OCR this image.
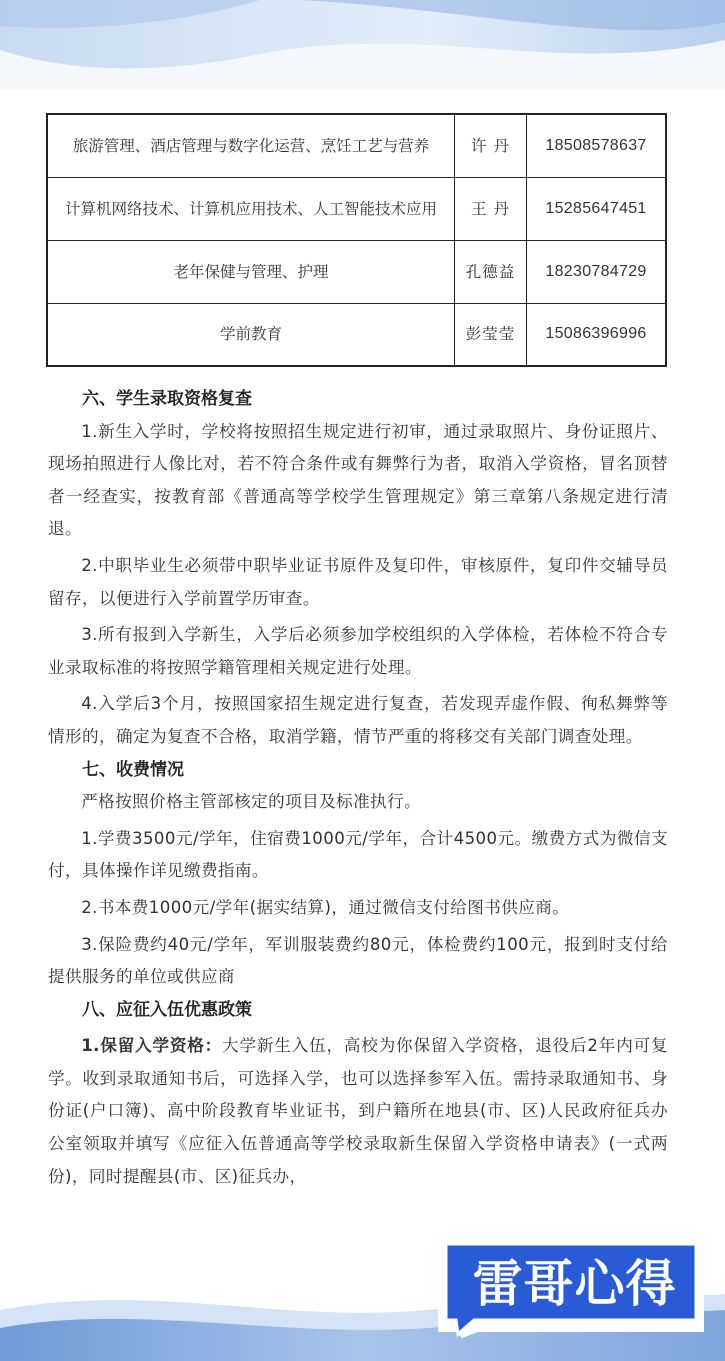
旅游管理、酒店管理与数字化运营、烹饪工艺与营养	许 丹	18508578637
计算机网络技术、计算机应用技术、人工智能技术应用	王 丹	15285647451
老年保健与管理、护理	孔德益	18230784729
学前教育	彭莹莹	15086396996
六、学生录取资格复查

1.新生入学时，学校将按照招生规定进行初审，通过录取照片、身份证照片、现场拍照进行人像比对，若不符合条件或有舞弊行为者，取消入学资格，冒名顶替者一经查实，按教育部《普通高等学校学生管理规定》第三章第八条规定进行清退。

2.中职毕业生必须带中职毕业证书原件及复印件，审核原件，复印件交辅导员留存，以便进行入学前置学历审查。

3.所有报到入学新生，入学后必须参加学校组织的入学体检，若体检不符合专业录取标准的将按照学籍管理相关规定进行处理。

4.入学后3个月，按照国家招生规定进行复查，若发现弄虚作假、徇私舞弊等情形的，确定为复查不合格，取消学籍，情节严重的将移交有关部门调查处理。

七、收费情况

严格按照价格主管部核定的项目及标准执行。

1.学费3500元/学年，住宿费1000元/学年，合计4500元。缴费方式为微信支付，具体操作详见缴费指南。

2.书本费1000元/学年(据实结算)，通过微信支付给图书供应商。

3.保险费约40元/学年，军训服装费约80元，体检费约100元，报到时支付给提供服务的单位或供应商

八、应征入伍优惠政策

1.保留入学资格：大学新生入伍，高校为你保留入学资格，退役后2年内可复学。收到录取通知书后，可选择入学，也可以选择参军入伍。需持录取通知书、身份证(户口簿)、高中阶段教育毕业证书，到户籍所在地县(市、区)人民政府征兵办公室领取并填写《应征入伍普通高等学校录取新生保留入学资格申请表》(一式两份)，同时提醒县(市、区)征兵办，

雷哥心得
